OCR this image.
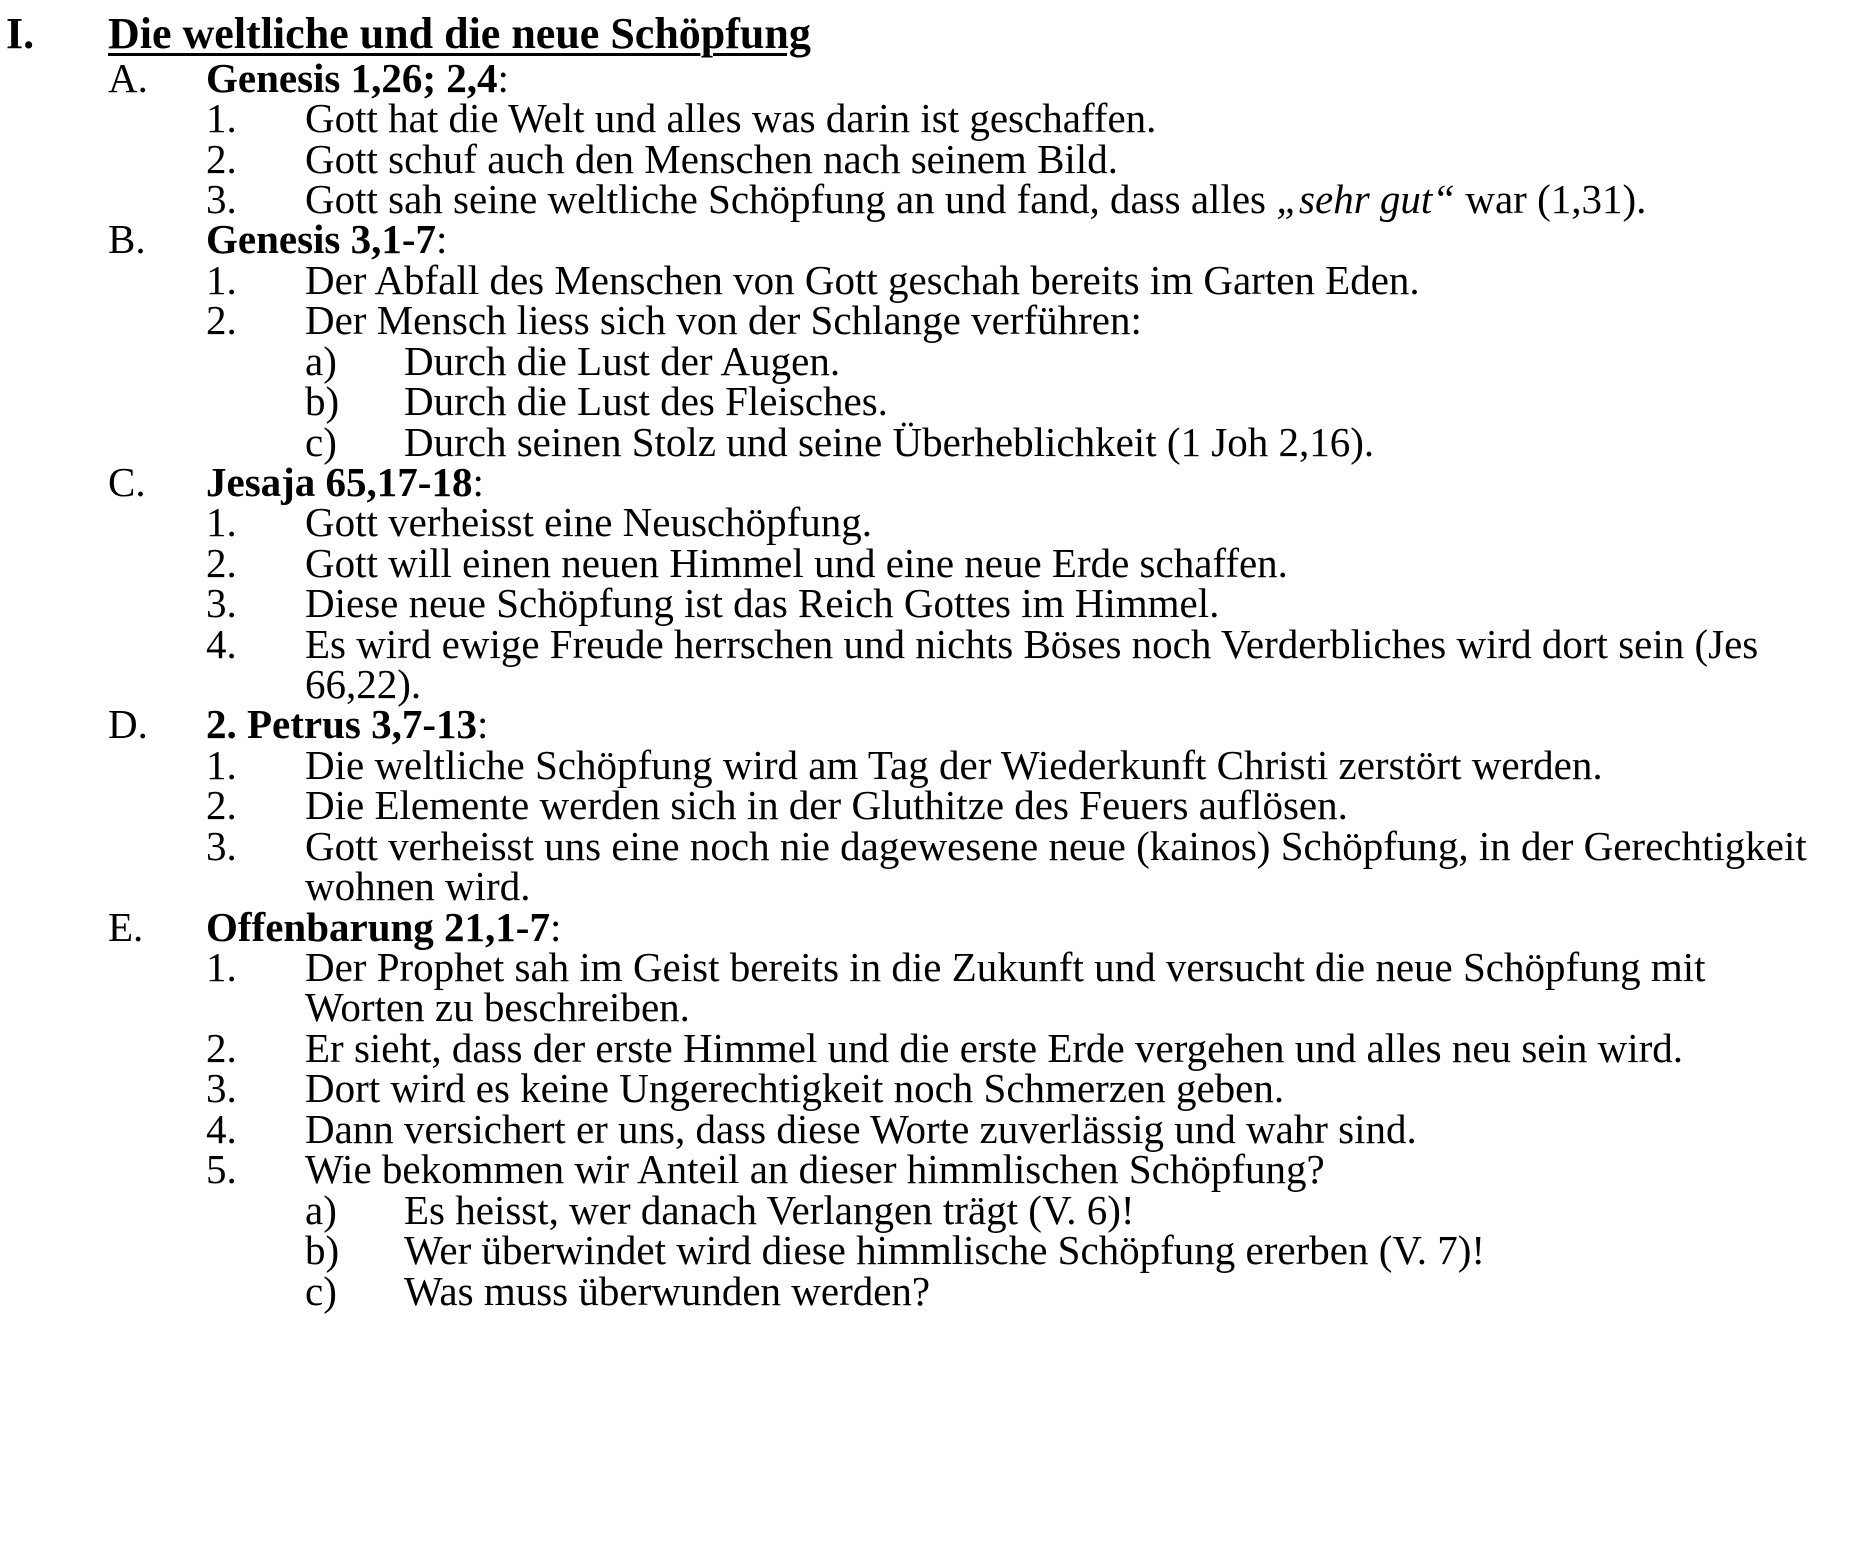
I. Die weltliche und die neue Schöpfung
A. Genesis 1,26; 2,4:
1. Gott hat die Welt und alles was darin ist geschaffen.
2. Gott schuf auch den Menschen nach seinem Bild.
3. Gott sah seine weltliche Schöpfung an und fand, dass alles „sehr gut“ war (1,31).
B. Genesis 3,1-7:
1. Der Abfall des Menschen von Gott geschah bereits im Garten Eden.
2. Der Mensch liess sich von der Schlange verführen:
a) Durch die Lust der Augen.
b) Durch die Lust des Fleisches.
c) Durch seinen Stolz und seine Überheblichkeit (1 Joh 2,16).
C. Jesaja 65,17-18:
1. Gott verheisst eine Neuschöpfung.
2. Gott will einen neuen Himmel und eine neue Erde schaffen.
3. Diese neue Schöpfung ist das Reich Gottes im Himmel.
4. Es wird ewige Freude herrschen und nichts Böses noch Verderbliches wird dort sein (Jes
66,22).
D. 2. Petrus 3,7-13:
1. Die weltliche Schöpfung wird am Tag der Wiederkunft Christi zerstört werden.
2. Die Elemente werden sich in der Gluthitze des Feuers auflösen.
3. Gott verheisst uns eine noch nie dagewesene neue (kainos) Schöpfung, in der Gerechtigkeit
wohnen wird.
E. Offenbarung 21,1-7:
1. Der Prophet sah im Geist bereits in die Zukunft und versucht die neue Schöpfung mit
Worten zu beschreiben.
2. Er sieht, dass der erste Himmel und die erste Erde vergehen und alles neu sein wird.
3. Dort wird es keine Ungerechtigkeit noch Schmerzen geben.
4. Dann versichert er uns, dass diese Worte zuverlässig und wahr sind.
5. Wie bekommen wir Anteil an dieser himmlischen Schöpfung?
a) Es heisst, wer danach Verlangen trägt (V. 6)!
b) Wer überwindet wird diese himmlische Schöpfung ererben (V. 7)!
c) Was muss überwunden werden?
